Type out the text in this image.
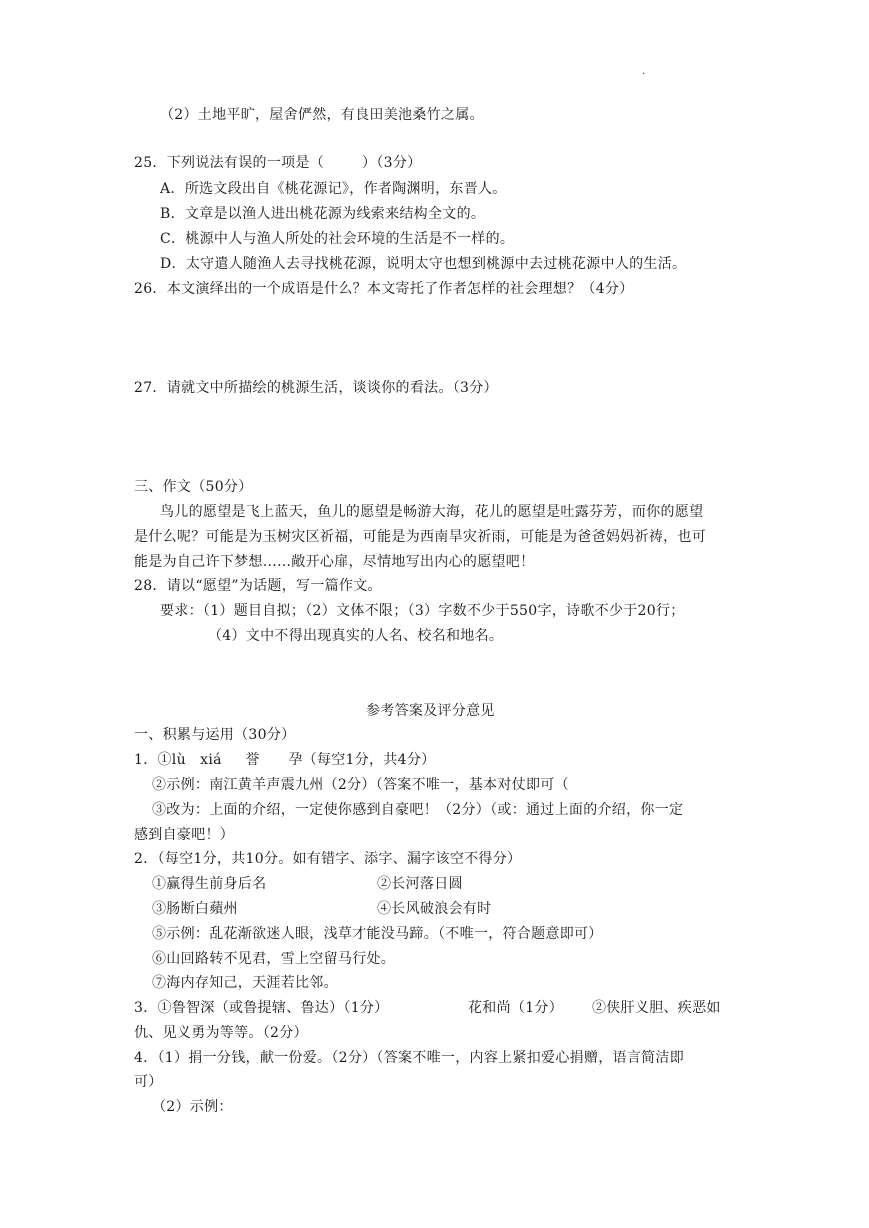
.
（2）土地平旷，屋舍俨然，有良田美池桑竹之属。
25．下列说法有误的一项是（        ）（3分）
A．所选文段出自《桃花源记》，作者陶渊明，东晋人。
B．文章是以渔人进出桃花源为线索来结构全文的。
C．桃源中人与渔人所处的社会环境的生活是不一样的。
D．太守遣人随渔人去寻找桃花源，说明太守也想到桃源中去过桃花源中人的生活。
26．本文演绎出的一个成语是什么？本文寄托了作者怎样的社会理想？（4分）
27．请就文中所描绘的桃源生活，谈谈你的看法。（3分）
三、作文（50分）
鸟儿的愿望是飞上蓝天，鱼儿的愿望是畅游大海，花儿的愿望是吐露芬芳，而你的愿望
是什么呢？可能是为玉树灾区祈福，可能是为西南旱灾祈雨，可能是为爸爸妈妈祈祷，也可
能是为自己许下梦想……敞开心扉，尽情地写出内心的愿望吧！
28．请以“愿望”为话题，写一篇作文。
要求：（1）题目自拟；（2）文体不限；（3）字数不少于550字，诗歌不少于20行；
（4）文中不得出现真实的人名、校名和地名。
参考答案及评分意见
一、积累与运用（30分）
1．①lù   xiá     誉      孕（每空1分，共4分）
②示例：南江黄羊声震九州（2分）（答案不唯一，基本对仗即可（
③改为：上面的介绍，一定使你感到自豪吧！（2分）（或：通过上面的介绍，你一定
感到自豪吧！）
2．（每空1分，共10分。如有错字、添字、漏字该空不得分）
①赢得生前身后名	②长河落日圆
③肠断白蘋州	④长风破浪会有时
⑤示例：乱花渐欲迷人眼，浅草才能没马蹄。（不唯一，符合题意即可）
⑥山回路转不见君，雪上空留马行处。
⑦海内存知己，天涯若比邻。
3．①鲁智深（或鲁提辖、鲁达）（1分）	花和尚（1分） ②侠肝义胆、疾恶如
仇、见义勇为等等。（2分）
4．（1）捐一分钱，献一份爱。（2分）（答案不唯一，内容上紧扣爱心捐赠，语言简洁即
可）
（2）示例：
